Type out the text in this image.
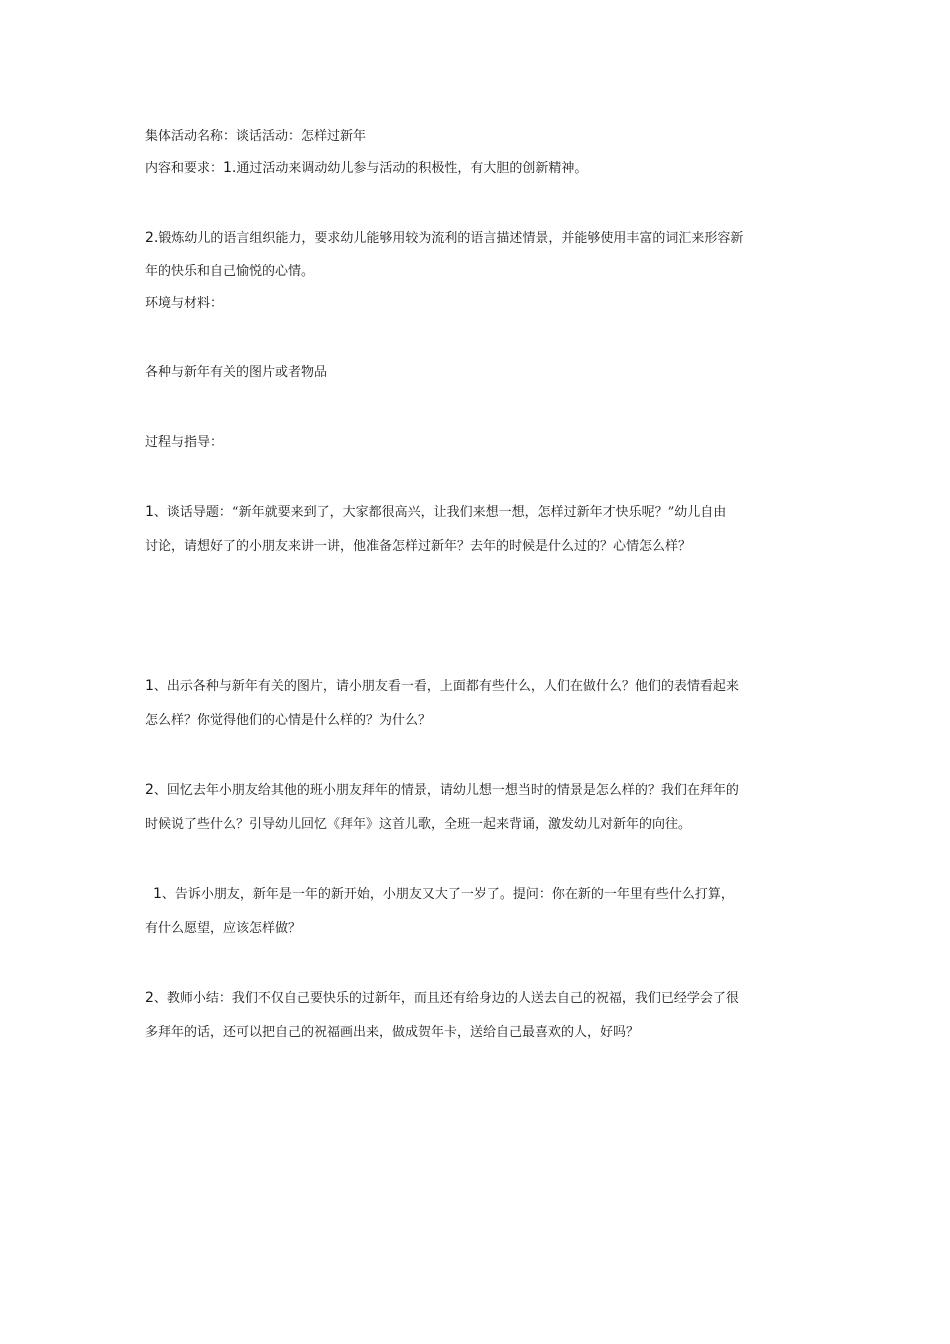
集体活动名称：谈话活动：怎样过新年
内容和要求：1.通过活动来调动幼儿参与活动的积极性，有大胆的创新精神。
2.锻炼幼儿的语言组织能力，要求幼儿能够用较为流利的语言描述情景，并能够使用丰富的词汇来形容新
年的快乐和自己愉悦的心情。
环境与材料：
各种与新年有关的图片或者物品
过程与指导：
1、谈话导题：“新年就要来到了，大家都很高兴，让我们来想一想，怎样过新年才快乐呢？”幼儿自由
讨论，请想好了的小朋友来讲一讲，他准备怎样过新年？去年的时候是什么过的？心情怎么样？
1、出示各种与新年有关的图片，请小朋友看一看，上面都有些什么，人们在做什么？他们的表情看起来
怎么样？你觉得他们的心情是什么样的？为什么？
2、回忆去年小朋友给其他的班小朋友拜年的情景，请幼儿想一想当时的情景是怎么样的？我们在拜年的
时候说了些什么？引导幼儿回忆《拜年》这首儿歌，全班一起来背诵，激发幼儿对新年的向往。
1、告诉小朋友，新年是一年的新开始，小朋友又大了一岁了。提问：你在新的一年里有些什么打算，
有什么愿望，应该怎样做？
2、教师小结：我们不仅自己要快乐的过新年，而且还有给身边的人送去自己的祝福，我们已经学会了很
多拜年的话，还可以把自己的祝福画出来，做成贺年卡，送给自己最喜欢的人，好吗？
